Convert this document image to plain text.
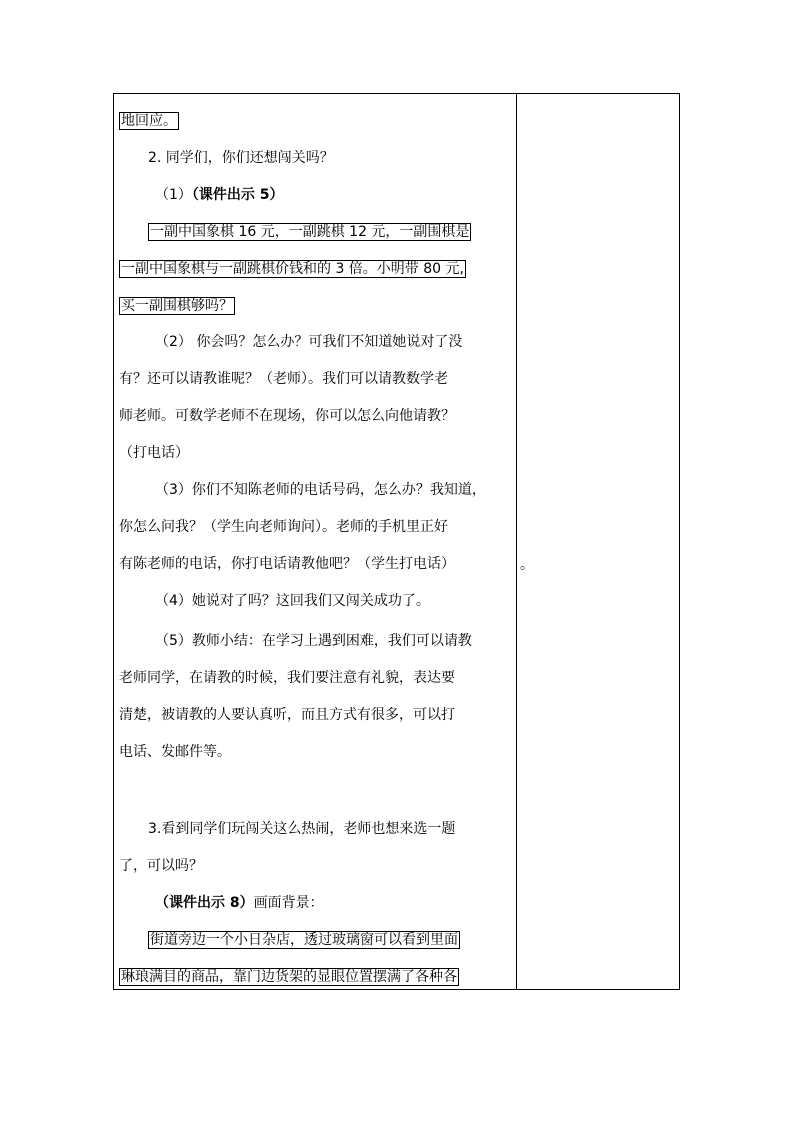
地回应。
2. 同学们，你们还想闯关吗？
（1）（课件出示 5）
一副中国象棋 16 元，一副跳棋 12 元，一副围棋是
一副中国象棋与一副跳棋价钱和的 3 倍。小明带 80 元,
买一副围棋够吗？
（2） 你会吗？怎么办？可我们不知道她说对了没
有？还可以请教谁呢？（老师）。我们可以请教数学老
师老师。可数学老师不在现场，你可以怎么向他请教？
（打电话）
（3）你们不知陈老师的电话号码，怎么办？我知道，
你怎么问我？（学生向老师询问）。老师的手机里正好
有陈老师的电话，你打电话请教他吧？（学生打电话）
（4）她说对了吗？这回我们又闯关成功了。
（5）教师小结：在学习上遇到困难，我们可以请教
老师同学，在请教的时候，我们要注意有礼貌，表达要
清楚，被请教的人要认真听，而且方式有很多，可以打
电话、发邮件等。
3.看到同学们玩闯关这么热闹，老师也想来选一题
了，可以吗？
（课件出示 8）画面背景：
街道旁边一个小日杂店，透过玻璃窗可以看到里面
琳琅满目的商品，靠门边货架的显眼位置摆满了各种各
。
